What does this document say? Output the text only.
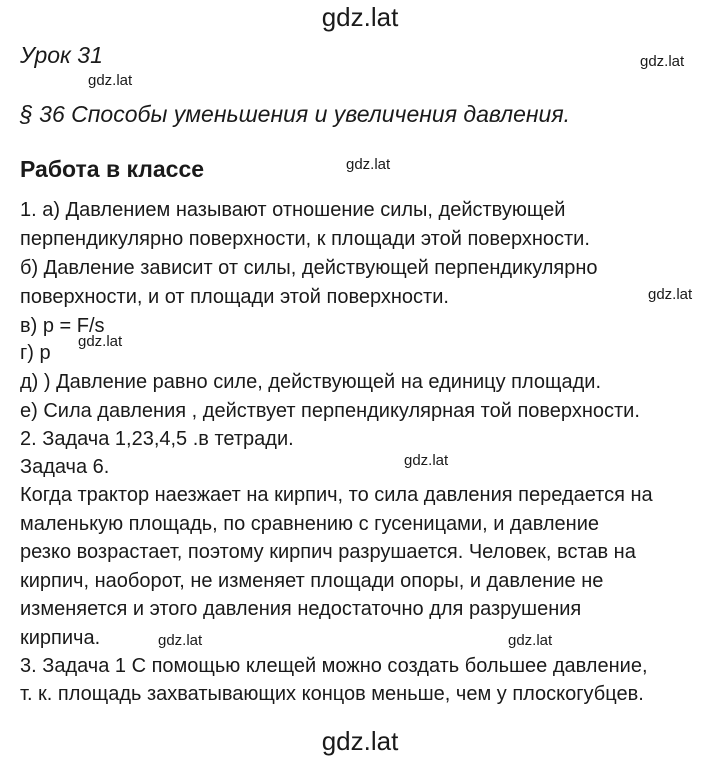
gdz.lat
Урок 31
§ 36 Способы уменьшения и увеличения давления.
Работа в классе
1. а) Давлением называют отношение силы, действующей
перпендикулярно поверхности, к площади этой поверхности.
б) Давление зависит от силы, действующей перпендикулярно
поверхности, и от площади этой поверхности.
в) p = F/s
г) p
д) ) Давление равно силе, действующей на единицу площади.
е) Сила давления , действует перпендикулярная той поверхности.
2. Задача 1,23,4,5 .в тетради.
Задача 6.
Когда трактор наезжает на кирпич, то сила давления передается на
маленькую площадь, по сравнению с гусеницами, и давление
резко возрастает, поэтому кирпич разрушается. Человек, встав на
кирпич, наоборот, не изменяет площади опоры, и давление не
изменяется и этого давления недостаточно для разрушения
кирпича.
3. Задача 1 С помощью клещей можно создать большее давление,
т. к. площадь захватывающих концов меньше, чем у плоскогубцев.
gdz.lat
gdz.lat
gdz.lat
gdz.lat
gdz.lat
gdz.lat
gdz.lat	gdz.lat
gdz.lat
